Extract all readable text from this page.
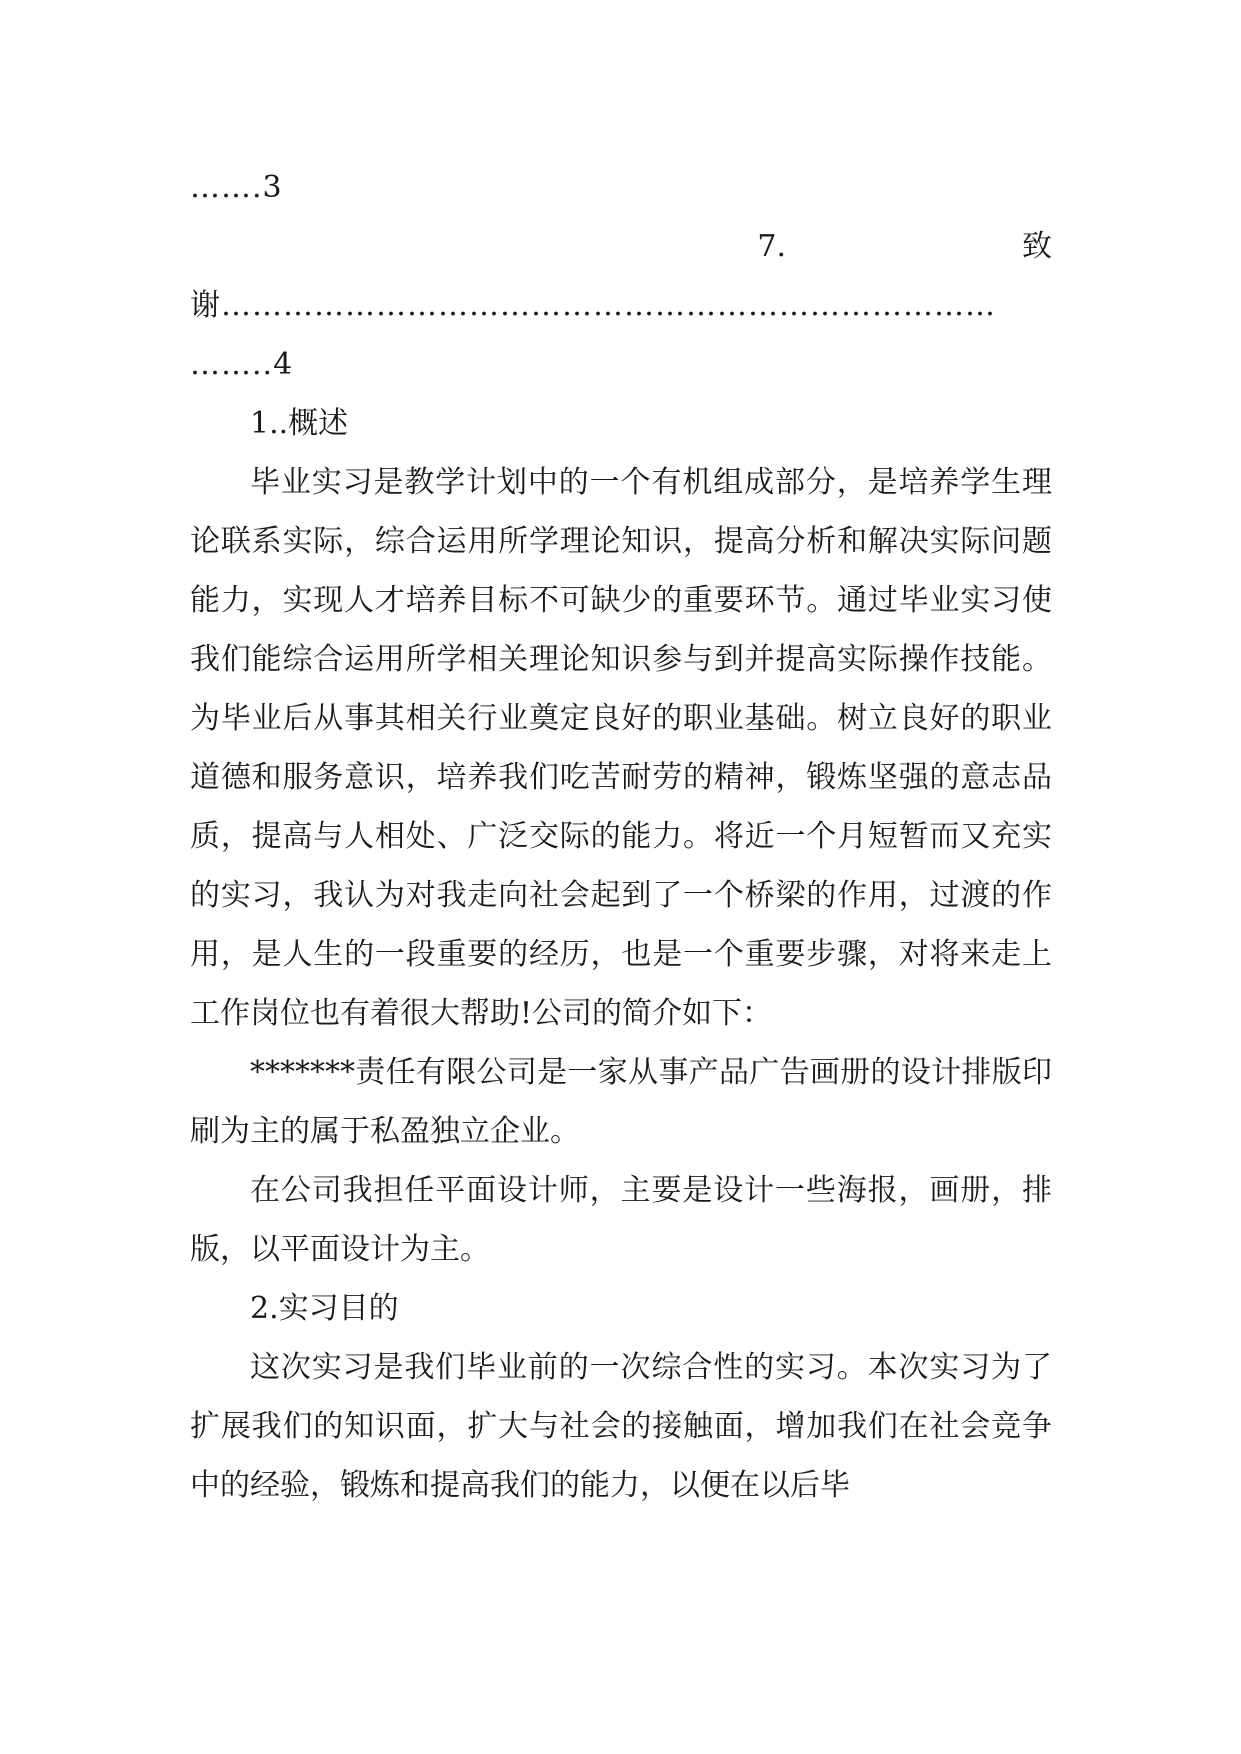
…….3
7.	致
谢…………………………………………………………………
……..4

1..概述

毕业实习是教学计划中的一个有机组成部分，是培养学生理论联系实际，综合运用所学理论知识，提高分析和解决实际问题能力，实现人才培养目标不可缺少的重要环节。通过毕业实习使我们能综合运用所学相关理论知识参与到并提高实际操作技能。为毕业后从事其相关行业奠定良好的职业基础。树立良好的职业道德和服务意识，培养我们吃苦耐劳的精神，锻炼坚强的意志品质，提高与人相处、广泛交际的能力。将近一个月短暂而又充实的实习，我认为对我走向社会起到了一个桥梁的作用，过渡的作用，是人生的一段重要的经历，也是一个重要步骤，对将来走上工作岗位也有着很大帮助!公司的简介如下：

*******责任有限公司是一家从事产品广告画册的设计排版印刷为主的属于私盈独立企业。

在公司我担任平面设计师，主要是设计一些海报，画册，排版，以平面设计为主。

2.实习目的

这次实习是我们毕业前的一次综合性的实习。本次实习为了扩展我们的知识面，扩大与社会的接触面，增加我们在社会竞争中的经验，锻炼和提高我们的能力，以便在以后毕
